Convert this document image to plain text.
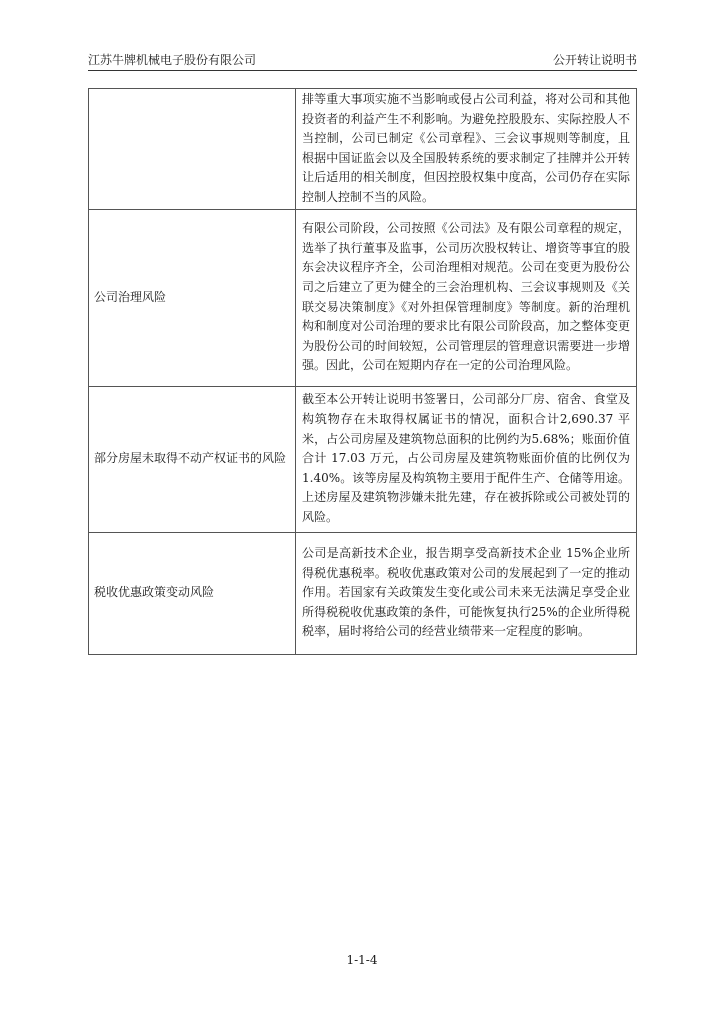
江苏牛牌机械电子股份有限公司	公开转让说明书
	排等重大事项实施不当影响或侵占公司利益，将对公司和其他投资者的利益产生不利影响。为避免控股股东、实际控股人不当控制，公司已制定《公司章程》、三会议事规则等制度，且根据中国证监会以及全国股转系统的要求制定了挂牌并公开转让后适用的相关制度，但因控股权集中度高，公司仍存在实际控制人控制不当的风险。
公司治理风险	有限公司阶段，公司按照《公司法》及有限公司章程的规定，选举了执行董事及监事，公司历次股权转让、增资等事宜的股东会决议程序齐全，公司治理相对规范。公司在变更为股份公司之后建立了更为健全的三会治理机构、三会议事规则及《关联交易决策制度》《对外担保管理制度》等制度。新的治理机构和制度对公司治理的要求比有限公司阶段高，加之整体变更为股份公司的时间较短，公司管理层的管理意识需要进一步增强。因此，公司在短期内存在一定的公司治理风险。
部分房屋未取得不动产权证书的风险	截至本公开转让说明书签署日，公司部分厂房、宿舍、食堂及构筑物存在未取得权属证书的情况，面积合计2,690.37 平米，占公司房屋及建筑物总面积的比例约为5.68%；账面价值合计 17.03 万元，占公司房屋及建筑物账面价值的比例仅为 1.40%。该等房屋及构筑物主要用于配件生产、仓储等用途。上述房屋及建筑物涉嫌未批先建，存在被拆除或公司被处罚的风险。
税收优惠政策变动风险	公司是高新技术企业，报告期享受高新技术企业 15%企业所得税优惠税率。税收优惠政策对公司的发展起到了一定的推动作用。若国家有关政策发生变化或公司未来无法满足享受企业所得税税收优惠政策的条件，可能恢复执行25%的企业所得税税率，届时将给公司的经营业绩带来一定程度的影响。
1-1-4
